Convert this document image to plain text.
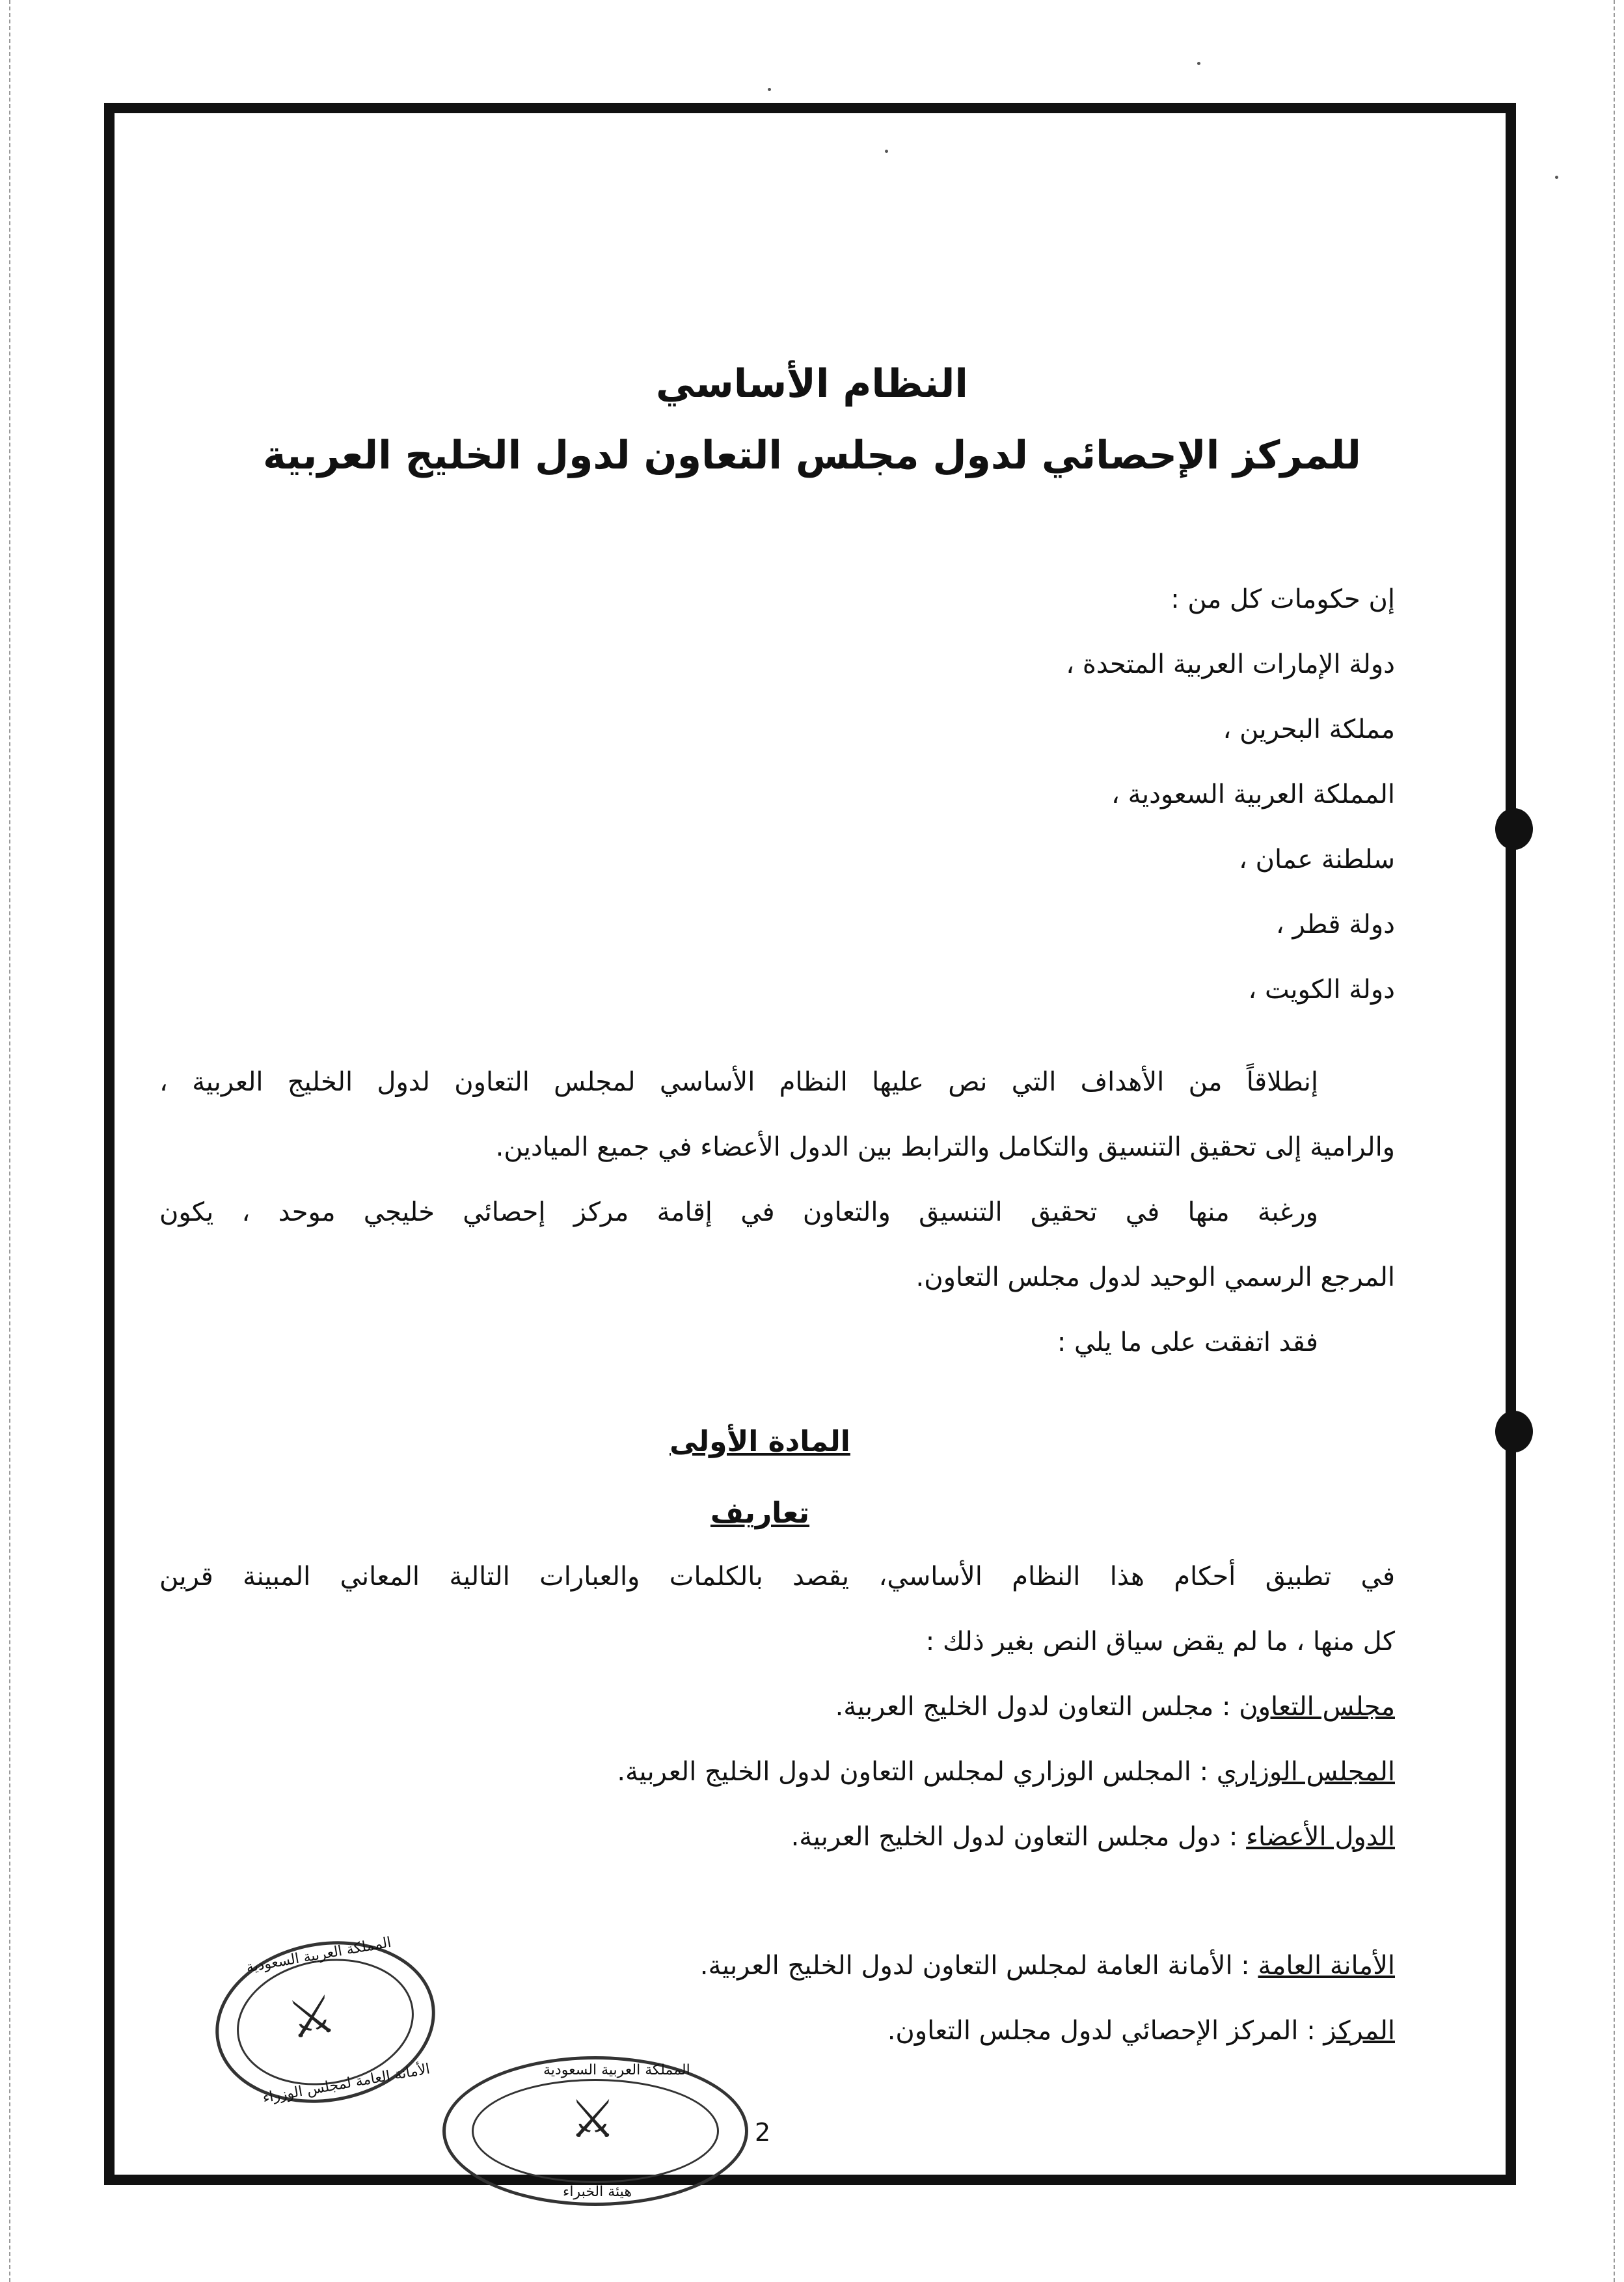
النظام الأساسي
للمركز الإحصائي لدول مجلس التعاون لدول الخليج العربية
إن حكومات كل من :
دولة الإمارات العربية المتحدة ،
مملكة البحرين ،
المملكة العربية السعودية ،
سلطنة عمان ،
دولة قطر ،
دولة الكويت ،
إنطلاقاً من الأهداف التي نص عليها النظام الأساسي لمجلس التعاون لدول الخليج العربية ،
والرامية إلى تحقيق التنسيق والتكامل والترابط بين الدول الأعضاء في جميع الميادين.
ورغبة منها في تحقيق التنسيق والتعاون في إقامة مركز إحصائي خليجي موحد ، يكون
المرجع الرسمي الوحيد لدول مجلس التعاون.
فقد اتفقت على ما يلي :
المادة الأولى
تعاريف
في تطبيق أحكام هذا النظام الأساسي، يقصد بالكلمات والعبارات التالية المعاني المبينة قرين
كل منها ، ما لم يقض سياق النص بغير ذلك :
مجلس التعاون : مجلس التعاون لدول الخليج العربية.
المجلس الوزاري : المجلس الوزاري لمجلس التعاون لدول الخليج العربية.
الدول الأعضاء : دول مجلس التعاون لدول الخليج العربية.
الأمانة العامة : الأمانة العامة لمجلس التعاون لدول الخليج العربية.
المركز : المركز الإحصائي لدول مجلس التعاون.
المملكة العربية السعودية
⚔
الأمانة العامة لمجلس الوزراء	المملكة العربية السعودية
⚔
هيئة الخبراء
2
